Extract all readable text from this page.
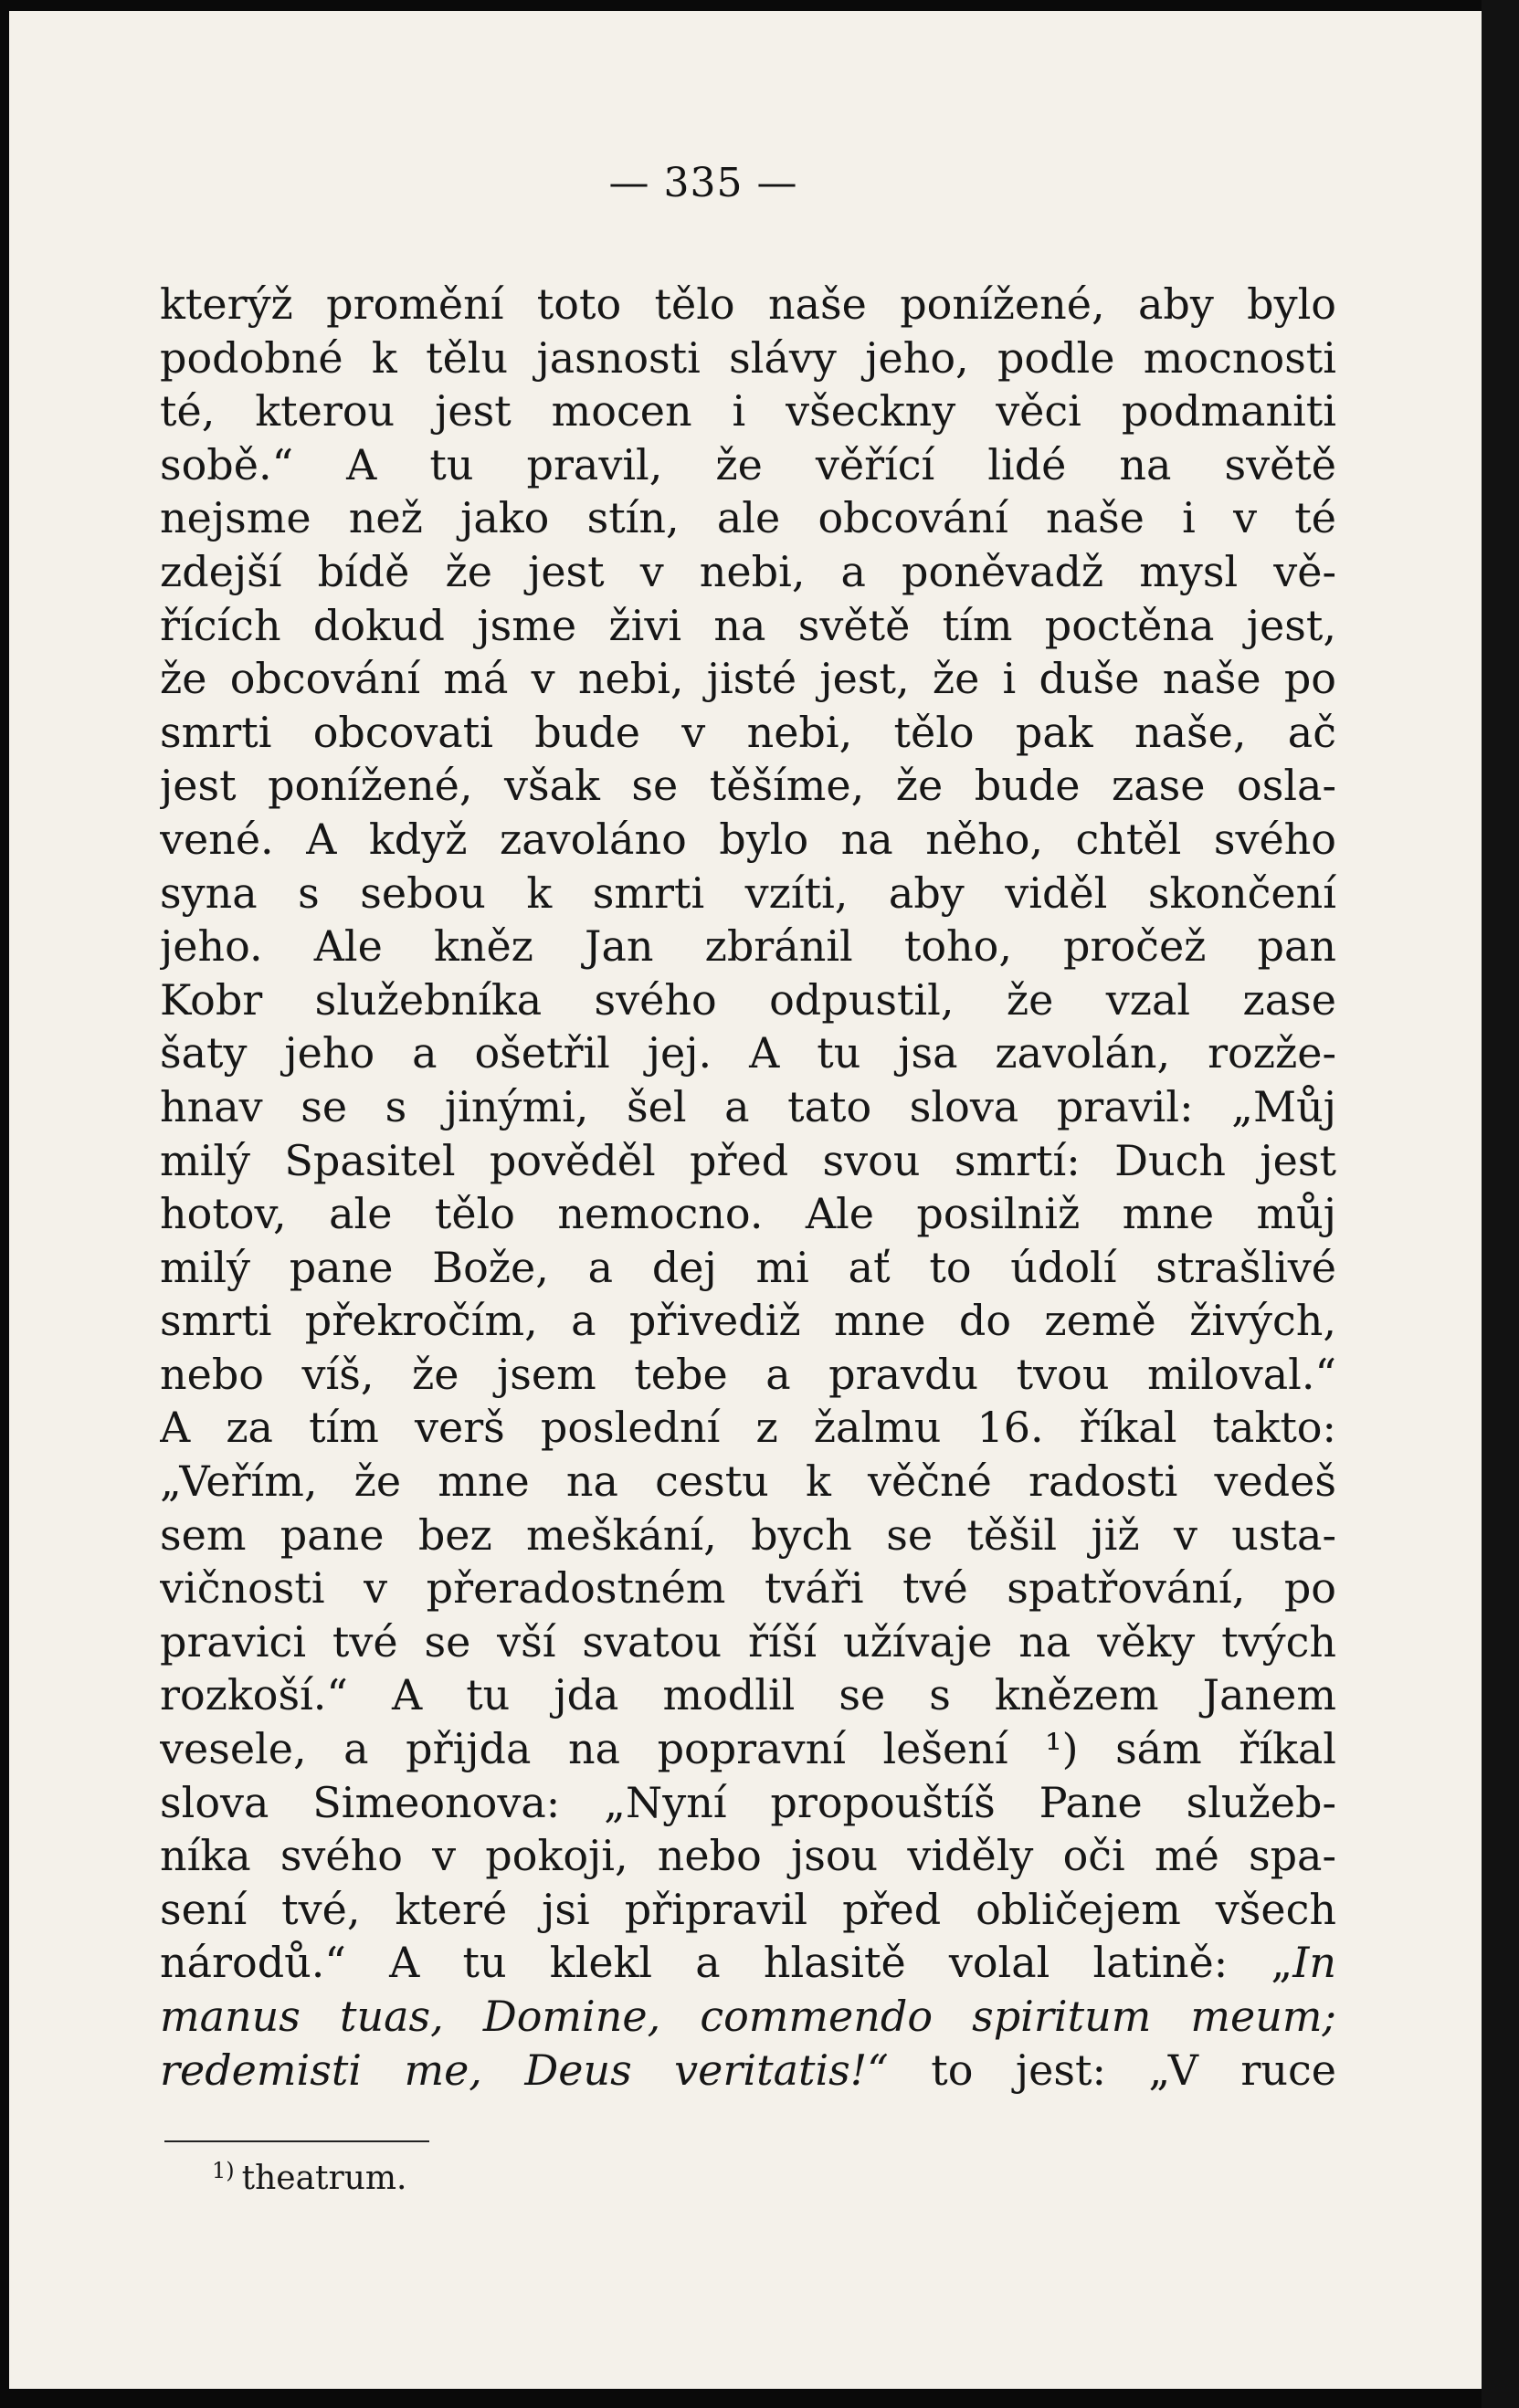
— 335 —
kterýž promění toto tělo naše ponížené, aby bylo
podobné k tělu jasnosti slávy jeho, podle mocnosti
té, kterou jest mocen i všeckny věci podmaniti
sobě.“ A tu pravil, že věřící lidé na světě
nejsme než jako stín, ale obcování naše i v té
zdejší bídě že jest v nebi, a poněvadž mysl vě-
řících dokud jsme živi na světě tím poctěna jest,
že obcování má v nebi, jisté jest, že i duše naše po
smrti obcovati bude v nebi, tělo pak naše, ač
jest ponížené, však se těšíme, že bude zase osla-
vené. A když zavoláno bylo na něho, chtěl svého
syna s sebou k smrti vzíti, aby viděl skončení
jeho. Ale kněz Jan zbránil toho, pročež pan
Kobr služebníka svého odpustil, že vzal zase
šaty jeho a ošetřil jej. A tu jsa zavolán, rozže-
hnav se s jinými, šel a tato slova pravil: „Můj
milý Spasitel pověděl před svou smrtí: Duch jest
hotov, ale tělo nemocno. Ale posilniž mne můj
milý pane Bože, a dej mi ať to údolí strašlivé
smrti překročím, a přivediž mne do země živých,
nebo víš, že jsem tebe a pravdu tvou miloval.“
A za tím verš poslední z žalmu 16. říkal takto:
„Veřím, že mne na cestu k věčné radosti vedeš
sem pane bez meškání, bych se těšil již v usta-
vičnosti v přeradostném tváři tvé spatřování, po
pravici tvé se vší svatou říší užívaje na věky tvých
rozkoší.“ A tu jda modlil se s knězem Janem
vesele, a přijda na popravní lešení ¹) sám říkal
slova Simeonova: „Nyní propouštíš Pane služeb-
níka svého v pokoji, nebo jsou viděly oči mé spa-
sení tvé, které jsi připravil před obličejem všech
národů.“ A tu klekl a hlasitě volal latině: „In
manus tuas, Domine, commendo spiritum meum;
redemisti me, Deus veritatis!“ to jest: „V ruce
$^{1)}$ theatrum.
